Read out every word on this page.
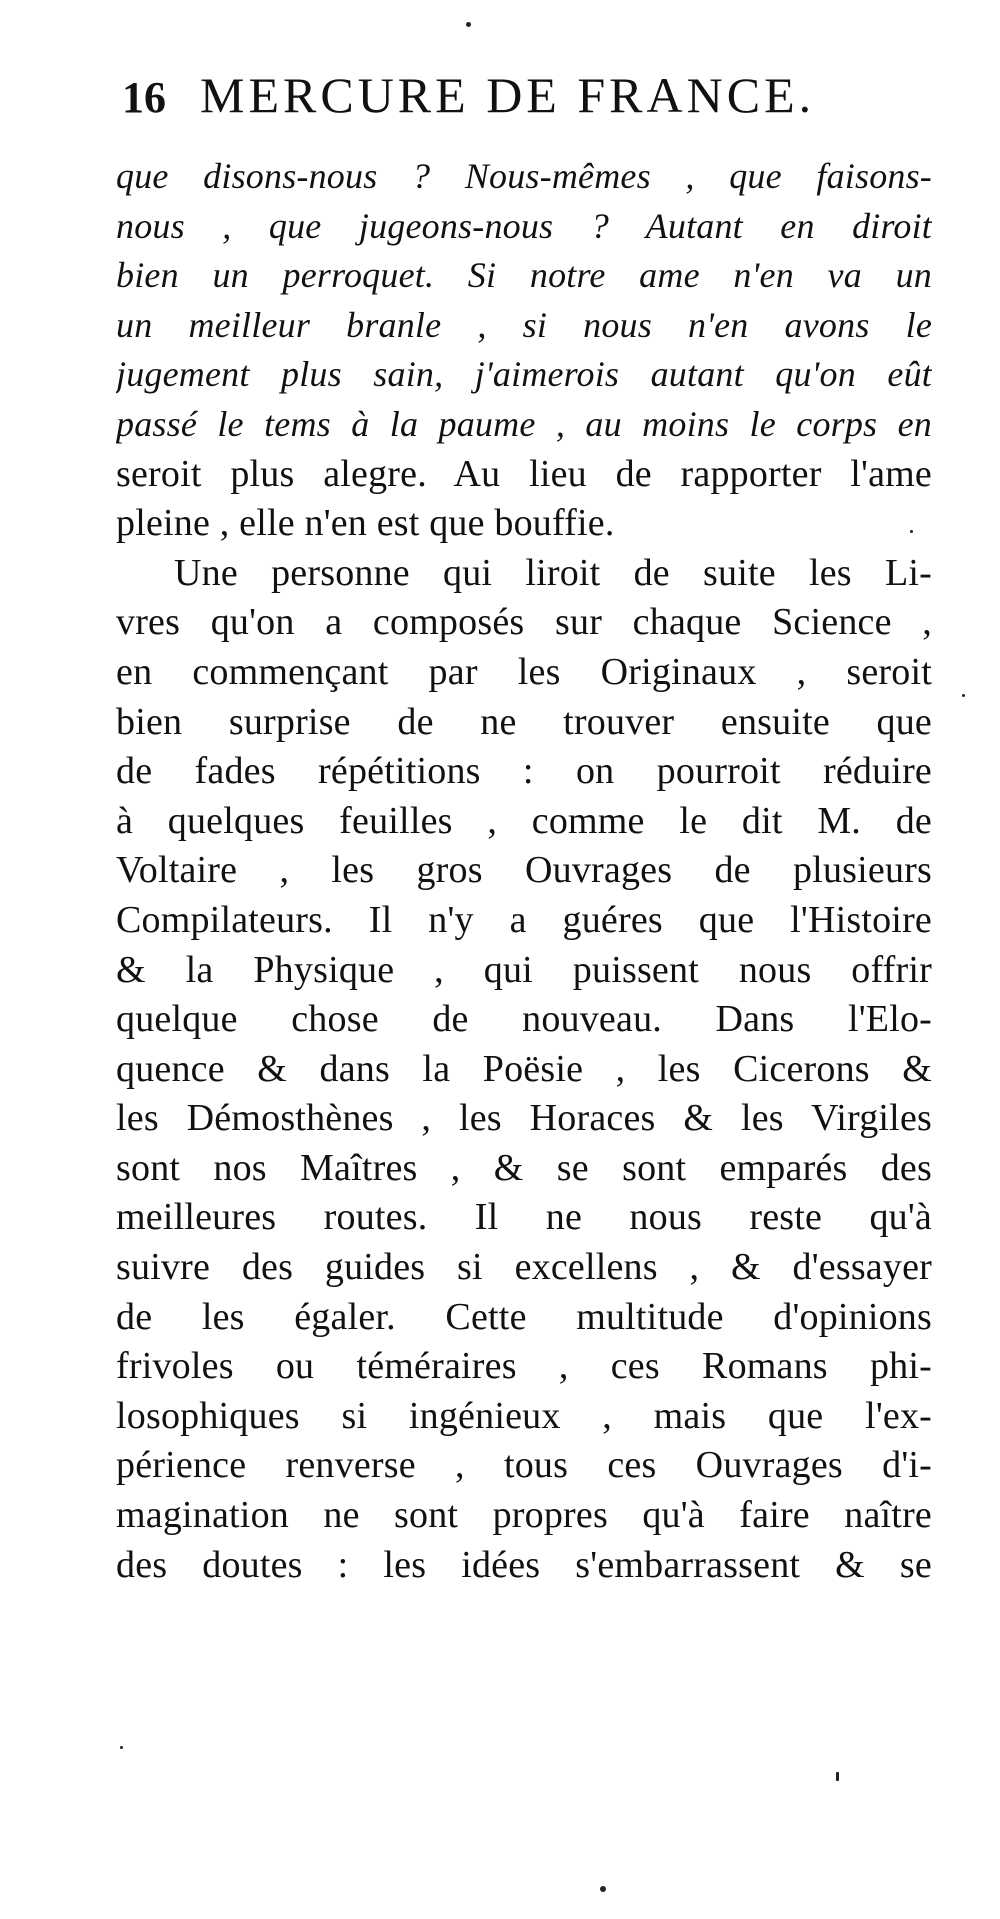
16 MERCURE DE FRANCE.
que disons-nous ? Nous-mêmes , que faisons-
nous , que jugeons-nous ? Autant en diroit
bien un perroquet. Si notre ame n'en va un
un meilleur branle , si nous n'en avons le
jugement plus sain, j'aimerois autant qu'on eût
passé le tems à la paume , au moins le corps en
seroit plus alegre. Au lieu de rapporter l'ame
pleine , elle n'en est que bouffie.
Une personne qui liroit de suite les Li-
vres qu'on a composés sur chaque Science ,
en commençant par les Originaux , seroit
bien surprise de ne trouver ensuite que
de fades répétitions : on pourroit réduire
à quelques feuilles , comme le dit M. de
Voltaire , les gros Ouvrages de plusieurs
Compilateurs. Il n'y a guéres que l'Histoire
& la Physique , qui puissent nous offrir
quelque chose de nouveau. Dans l'Elo-
quence & dans la Poësie , les Cicerons &
les Démosthènes , les Horaces & les Virgiles
sont nos Maîtres , & se sont emparés des
meilleures routes. Il ne nous reste qu'à
suivre des guides si excellens , & d'essayer
de les égaler. Cette multitude d'opinions
frivoles ou téméraires , ces Romans phi-
losophiques si ingénieux , mais que l'ex-
périence renverse , tous ces Ouvrages d'i-
magination ne sont propres qu'à faire naître
des doutes : les idées s'embarrassent & se
